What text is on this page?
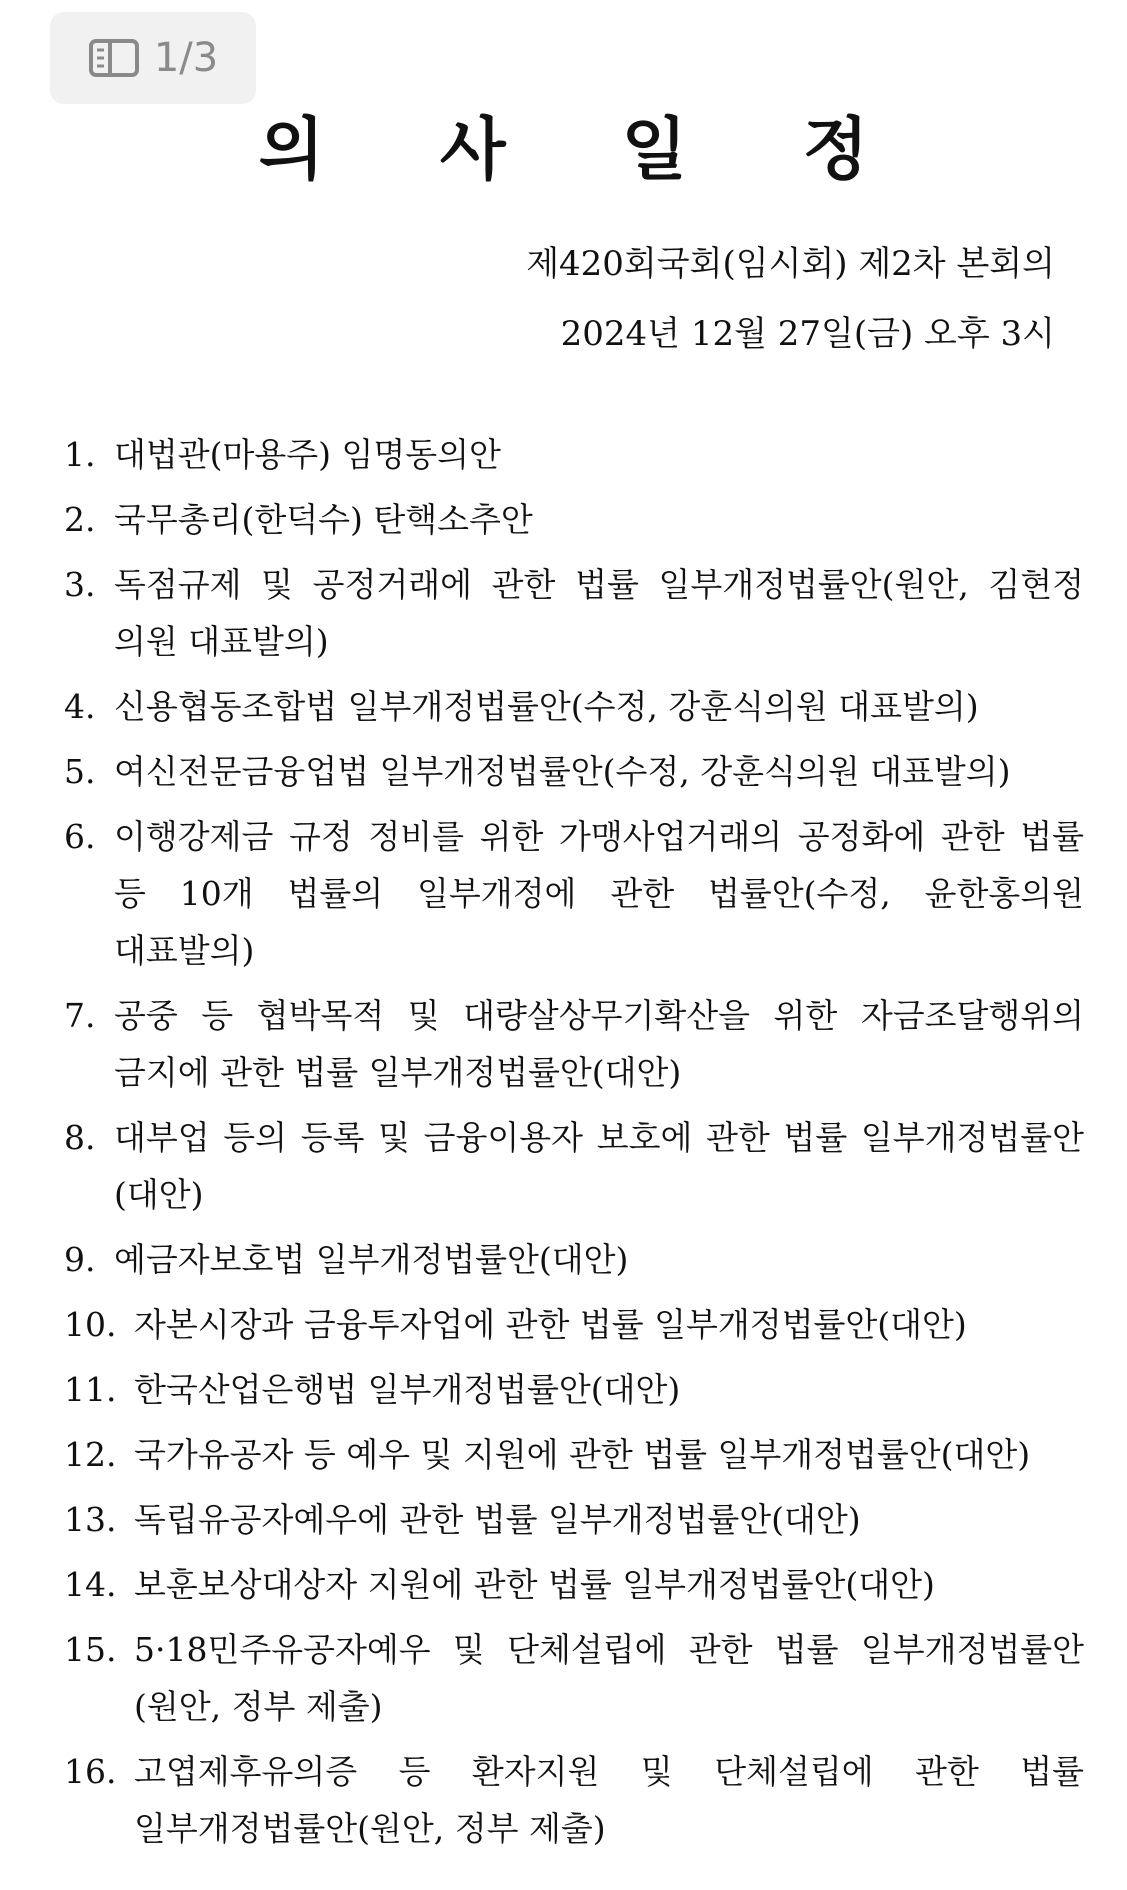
1/3
의 사 일 정
제420회국회(임시회) 제2차 본회의
2024년 12월 27일(금) 오후 3시
1. 대법관(마용주) 임명동의안
2. 국무총리(한덕수) 탄핵소추안
3. 독점규제 및 공정거래에 관한 법률 일부개정법률안(원안, 김현정 의원 대표발의)
4. 신용협동조합법 일부개정법률안(수정, 강훈식의원 대표발의)
5. 여신전문금융업법 일부개정법률안(수정, 강훈식의원 대표발의)
6. 이행강제금 규정 정비를 위한 가맹사업거래의 공정화에 관한 법률 등 10개 법률의 일부개정에 관한 법률안(수정, 윤한홍의원 대표발의)
7. 공중 등 협박목적 및 대량살상무기확산을 위한 자금조달행위의 금지에 관한 법률 일부개정법률안(대안)
8. 대부업 등의 등록 및 금융이용자 보호에 관한 법률 일부개정법률안(대안)
9. 예금자보호법 일부개정법률안(대안)
10. 자본시장과 금융투자업에 관한 법률 일부개정법률안(대안)
11. 한국산업은행법 일부개정법률안(대안)
12. 국가유공자 등 예우 및 지원에 관한 법률 일부개정법률안(대안)
13. 독립유공자예우에 관한 법률 일부개정법률안(대안)
14. 보훈보상대상자 지원에 관한 법률 일부개정법률안(대안)
15. 5·18민주유공자예우 및 단체설립에 관한 법률 일부개정법률안(원안, 정부 제출)
16. 고엽제후유의증 등 환자지원 및 단체설립에 관한 법률 일부개정법률안(원안, 정부 제출)
